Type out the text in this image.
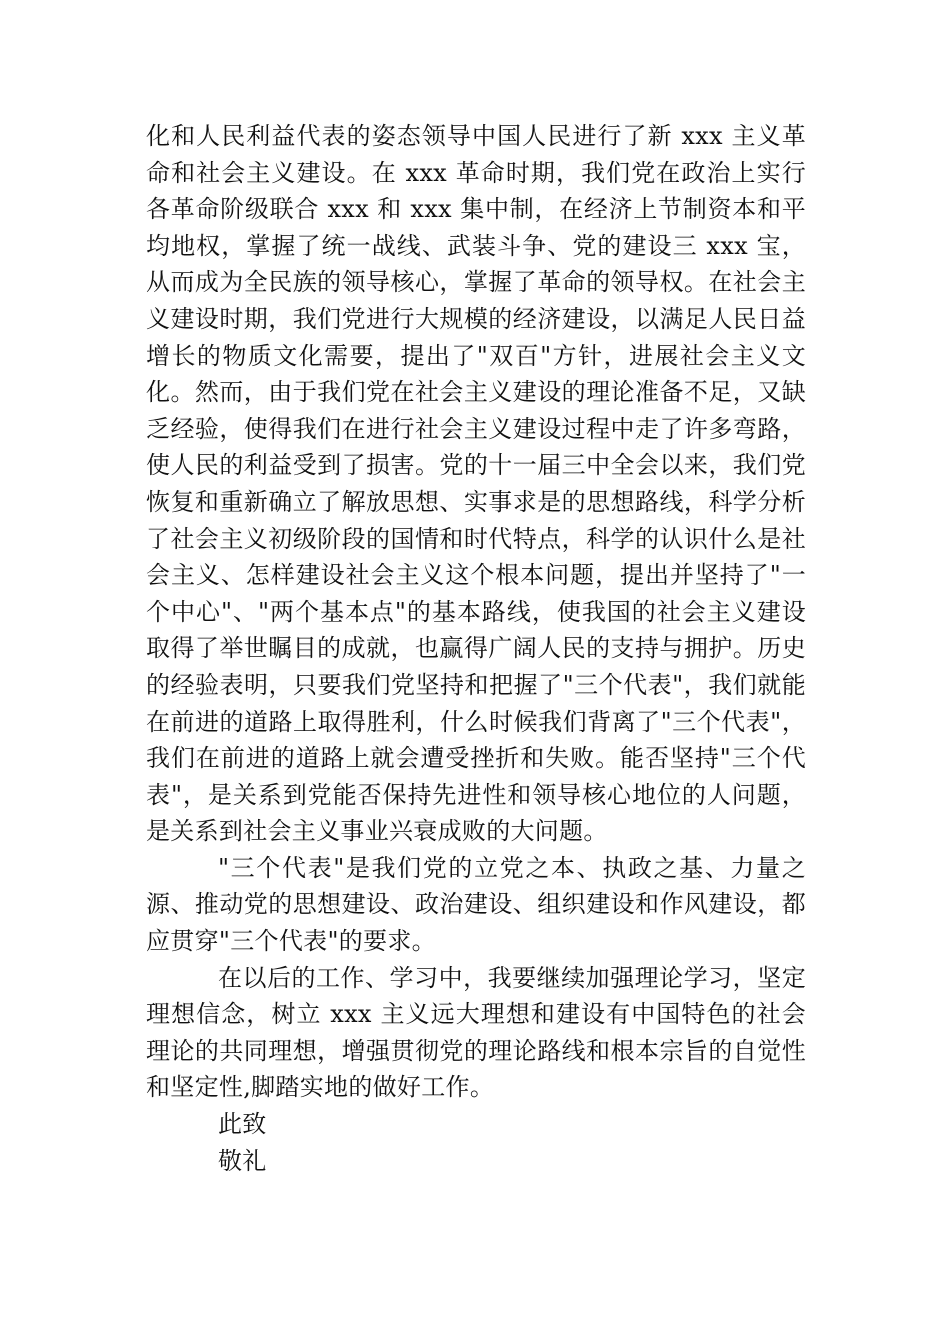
化和人民利益代表的姿态领导中国人民进行了新 xxx 主义革命和社会主义建设。在 xxx 革命时期，我们党在政治上实行各革命阶级联合 xxx 和 xxx 集中制，在经济上节制资本和平均地权，掌握了统一战线、武装斗争、党的建设三 xxx 宝，从而成为全民族的领导核心，掌握了革命的领导权。在社会主义建设时期，我们党进行大规模的经济建设，以满足人民日益增长的物质文化需要，提出了"双百"方针，进展社会主义文化。然而，由于我们党在社会主义建设的理论准备不足，又缺乏经验，使得我们在进行社会主义建设过程中走了许多弯路，使人民的利益受到了损害。党的十一届三中全会以来，我们党恢复和重新确立了解放思想、实事求是的思想路线，科学分析了社会主义初级阶段的国情和时代特点，科学的认识什么是社会主义、怎样建设社会主义这个根本问题，提出并坚持了"一个中心"、"两个基本点"的基本路线，使我国的社会主义建设取得了举世瞩目的成就，也赢得广阔人民的支持与拥护。历史的经验表明，只要我们党坚持和把握了"三个代表"，我们就能在前进的道路上取得胜利，什么时候我们背离了"三个代表"，我们在前进的道路上就会遭受挫折和失败。能否坚持"三个代表"，是关系到党能否保持先进性和领导核心地位的人问题，是关系到社会主义事业兴衰成败的大问题。

"三个代表"是我们党的立党之本、执政之基、力量之源、推动党的思想建设、政治建设、组织建设和作风建设，都应贯穿"三个代表"的要求。

在以后的工作、学习中，我要继续加强理论学习，坚定理想信念，树立 xxx 主义远大理想和建设有中国特色的社会理论的共同理想，增强贯彻党的理论路线和根本宗旨的自觉性和坚定性,脚踏实地的做好工作。

此致

敬礼
